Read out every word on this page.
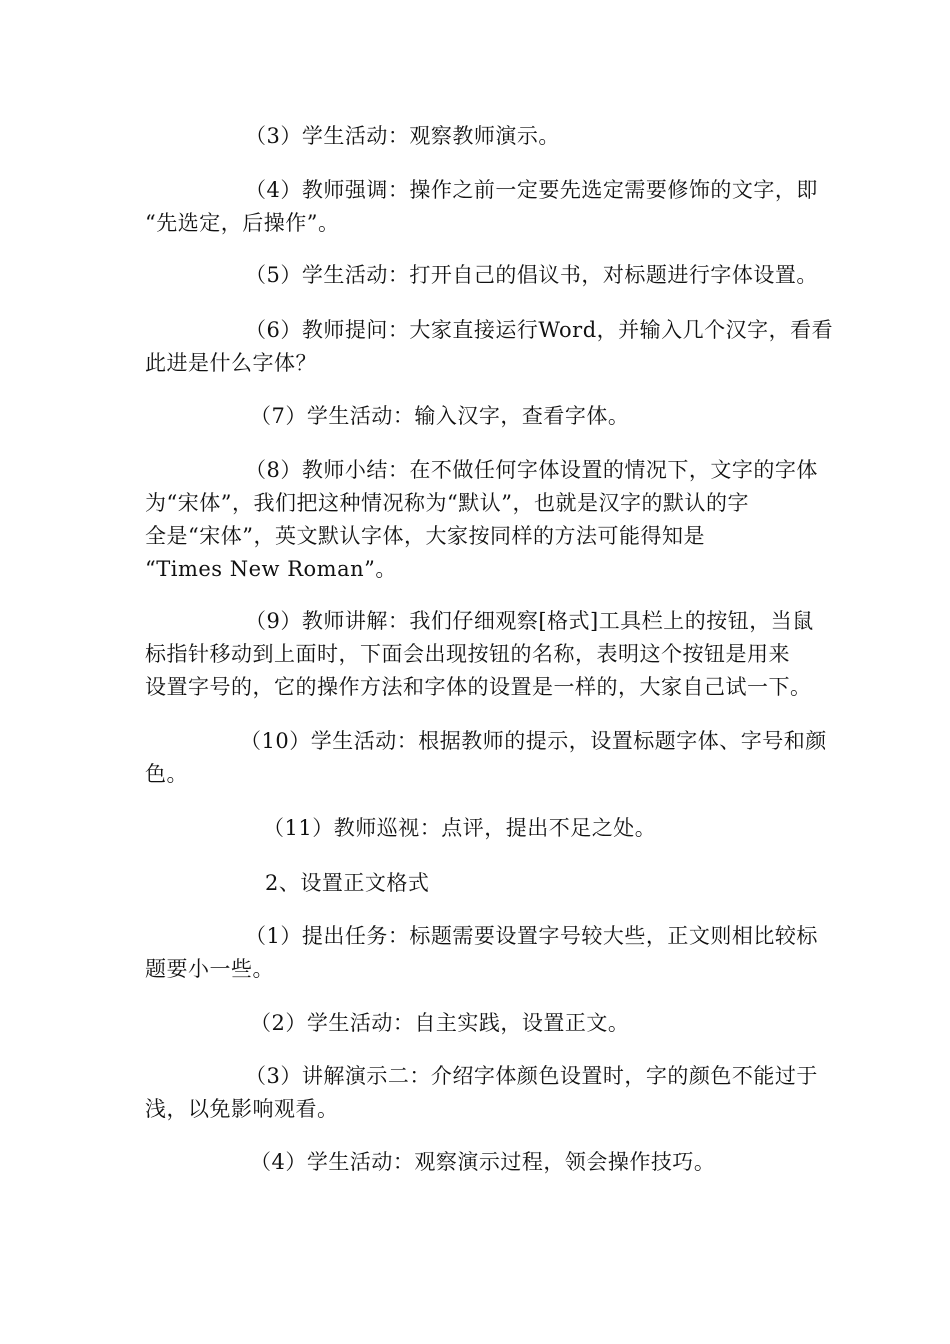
（3）学生活动：观察教师演示。

（4）教师强调：操作之前一定要先选定需要修饰的文字，即
“先选定，后操作”。

（5）学生活动：打开自己的倡议书，对标题进行字体设置。

（6）教师提问：大家直接运行Word，并输入几个汉字，看看
此进是什么字体？

（7）学生活动：输入汉字，查看字体。

（8）教师小结：在不做任何字体设置的情况下，文字的字体
为“宋体”，我们把这种情况称为“默认”，也就是汉字的默认的字
全是“宋体”，英文默认字体，大家按同样的方法可能得知是
“Times New Roman”。

（9）教师讲解：我们仔细观察[格式]工具栏上的按钮，当鼠
标指针移动到上面时，下面会出现按钮的名称，表明这个按钮是用来
设置字号的，它的操作方法和字体的设置是一样的，大家自己试一下。

（10）学生活动：根据教师的提示，设置标题字体、字号和颜
色。

（11）教师巡视：点评，提出不足之处。

2、设置正文格式

（1）提出任务：标题需要设置字号较大些，正文则相比较标
题要小一些。

（2）学生活动：自主实践，设置正文。

（3）讲解演示二：介绍字体颜色设置时，字的颜色不能过于
浅，以免影响观看。

（4）学生活动：观察演示过程，领会操作技巧。
